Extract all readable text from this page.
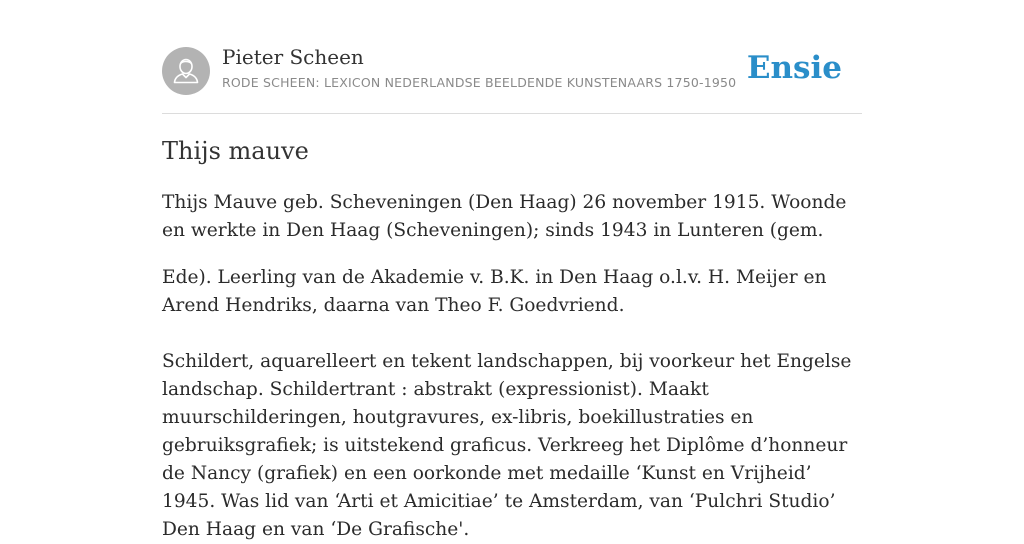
Pieter Scheen
RODE SCHEEN: LEXICON NEDERLANDSE BEELDENDE KUNSTENAARS 1750-1950 Ensie
Thijs mauve

Thijs Mauve geb. Scheveningen (Den Haag) 26 november 1915. Woonde en werkte in Den Haag (Scheveningen); sinds 1943 in Lunteren (gem.

Ede). Leerling van de Akademie v. B.K. in Den Haag o.l.v. H. Meijer en Arend Hendriks, daarna van Theo F. Goedvriend.

Schildert, aquarelleert en tekent landschappen, bij voorkeur het Engelse landschap. Schildertrant : abstrakt (expressionist). Maakt muurschilderingen, houtgravures, ex-libris, boekillustraties en gebruiksgrafiek; is uitstekend graficus. Verkreeg het Diplôme d’honneur de Nancy (grafiek) en een oorkonde met medaille ‘Kunst en Vrijheid’ 1945. Was lid van ‘Arti et Amicitiae’ te Amsterdam, van ‘Pulchri Studio’ Den Haag en van ‘De Grafische'.
